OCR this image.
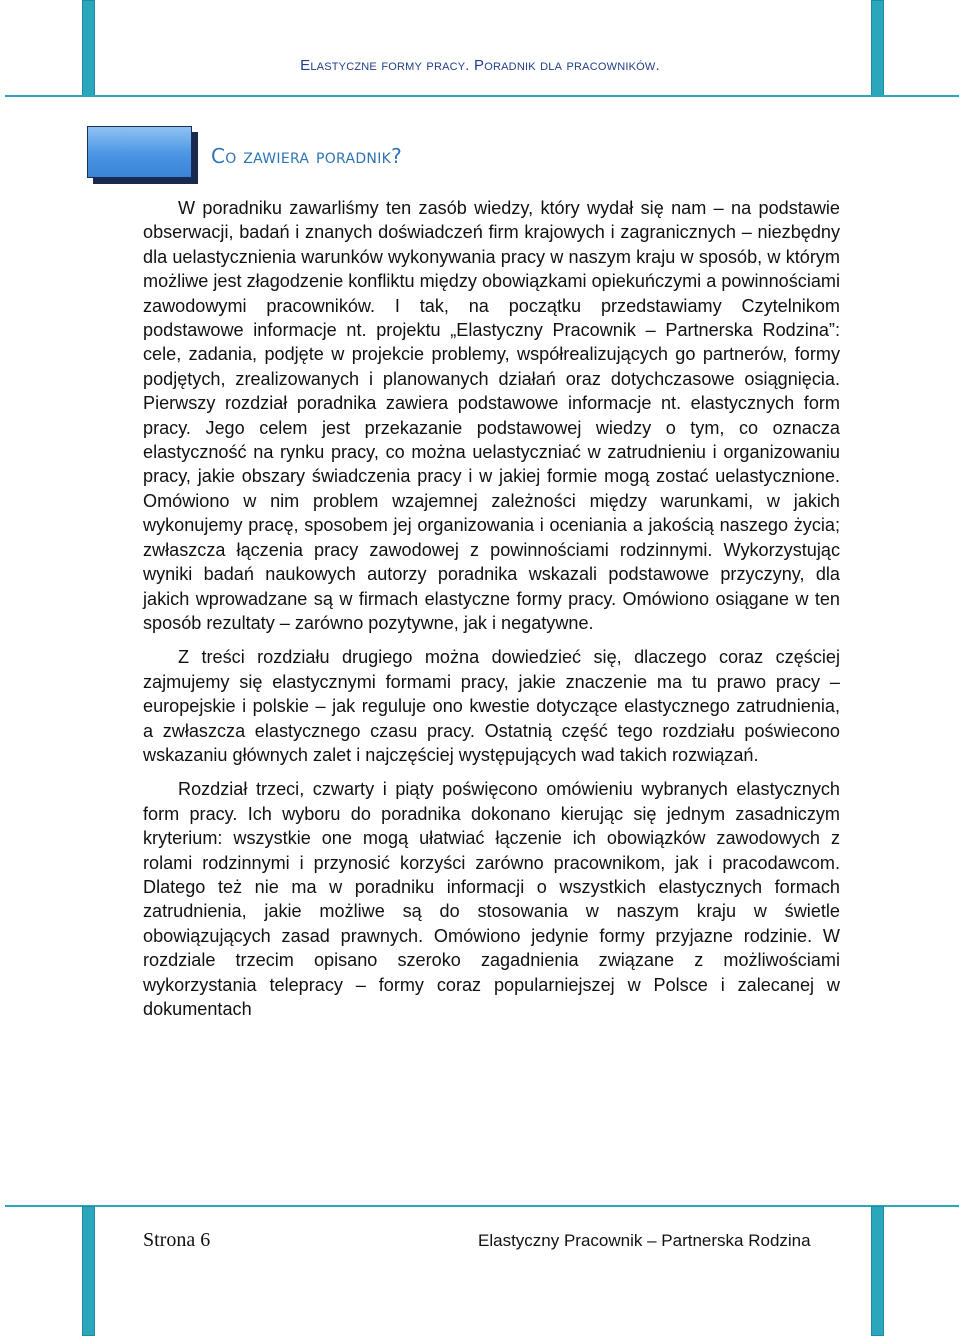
Elastyczne formy pracy. Poradnik dla pracowników.
Co zawiera poradnik?

W poradniku zawarliśmy ten zasób wiedzy, który wydał się nam – na podstawie obserwacji, badań i znanych doświadczeń firm krajowych i zagranicznych – niezbędny dla uelastycznienia warunków wykonywania pracy w naszym kraju w sposób, w którym możliwe jest złagodzenie konfliktu między obowiązkami opiekuńczymi a powinnościami zawodowymi pracowników. I tak, na początku przedstawiamy Czytelnikom podstawowe informacje nt. projektu „Elastyczny Pracownik – Partnerska Rodzina”: cele, zadania, podjęte w projekcie problemy, współrealizujących go partnerów, formy podjętych, zrealizowanych i planowanych działań oraz dotychczasowe osiągnięcia. Pierwszy rozdział poradnika zawiera podstawowe informacje nt. elastycznych form pracy. Jego celem jest przekazanie podstawowej wiedzy o tym, co oznacza elastyczność na rynku pracy, co można uelastyczniać w zatrudnieniu i organizowaniu pracy, jakie obszary świadczenia pracy i w jakiej formie mogą zostać uelastycznione. Omówiono w nim problem wzajemnej zależności między warunkami, w jakich wykonujemy pracę, sposobem jej organizowania i oceniania a jakością naszego życia; zwłaszcza łączenia pracy zawodowej z powinnościami rodzinnymi. Wykorzystując wyniki badań naukowych autorzy poradnika wskazali podstawowe przyczyny, dla jakich wprowadzane są w firmach elastyczne formy pracy. Omówiono osiągane w ten sposób rezultaty – zarówno pozytywne, jak i negatywne.

Z treści rozdziału drugiego można dowiedzieć się, dlaczego coraz częściej zajmujemy się elastycznymi formami pracy, jakie znaczenie ma tu prawo pracy – europejskie i polskie – jak reguluje ono kwestie dotyczące elastycznego zatrudnienia, a zwłaszcza elastycznego czasu pracy. Ostatnią część tego rozdziału poświecono wskazaniu głównych zalet i najczęściej występujących wad takich rozwiązań.

Rozdział trzeci, czwarty i piąty poświęcono omówieniu wybranych elastycznych form pracy. Ich wyboru do poradnika dokonano kierując się jednym zasadniczym kryterium: wszystkie one mogą ułatwiać łączenie ich obowiązków zawodowych z rolami rodzinnymi i przynosić korzyści zarówno pracownikom, jak i pracodawcom. Dlatego też nie ma w poradniku informacji o wszystkich elastycznych formach zatrudnienia, jakie możliwe są do stosowania w naszym kraju w świetle obowiązujących zasad prawnych. Omówiono jedynie formy przyjazne rodzinie. W rozdziale trzecim opisano szeroko zagadnienia związane z możliwościami wykorzystania telepracy – formy coraz popularniejszej w Polsce i zalecanej w dokumentach

Strona 6	Elastyczny Pracownik – Partnerska Rodzina
